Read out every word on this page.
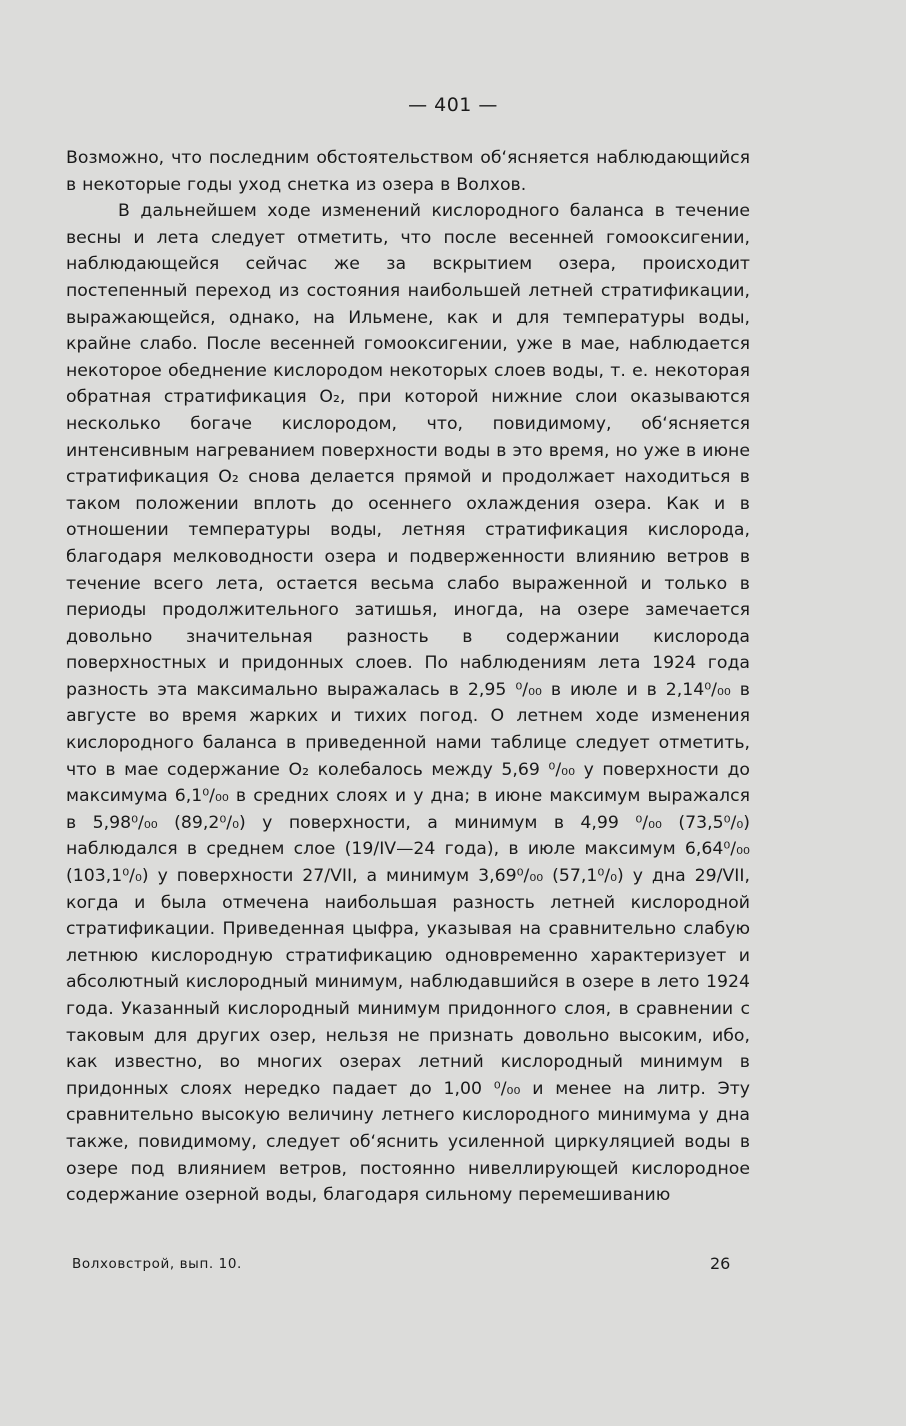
— 401 —

Возможно, что последним обстоятельством об‘ясняется наблюдающийся в некоторые годы уход снетка из озера в Волхов.

В дальнейшем ходе изменений кислородного баланса в течение весны и лета следует отметить, что после весенней гомооксигении, наблюдающейся сейчас же за вскрытием озера, происходит постепенный переход из состояния наибольшей летней стратификации, выражающейся, однако, на Ильмене, как и для температуры воды, крайне слабо. После весенней гомооксигении, уже в мае, наблюдается некоторое обеднение кислородом некоторых слоев воды, т. е. некоторая обратная стратификация O₂, при которой нижние слои оказываются несколько богаче кислородом, что, повидимому, об‘ясняется интенсивным нагреванием поверхности воды в это время, но уже в июне стратификация O₂ снова делается прямой и продолжает находиться в таком положении вплоть до осеннего охлаждения озера. Как и в отношении температуры воды, летняя стратификация кислорода, благодаря мелководности озера и подверженности влиянию ветров в течение всего лета, остается весьма слабо выраженной и только в периоды продолжительного затишья, иногда, на озере замечается довольно значительная разность в содержании кислорода поверхностных и придонных слоев. По наблюдениям лета 1924 года разность эта максимально выражалась в 2,95 ⁰/₀₀ в июле и в 2,14⁰/₀₀ в августе во время жарких и тихих погод. О летнем ходе изменения кислородного баланса в приведенной нами таблице следует отметить, что в мае содержание O₂ колебалось между 5,69 ⁰/₀₀ у поверхности до максимума 6,1⁰/₀₀ в средних слоях и у дна; в июне максимум выражался в 5,98⁰/₀₀ (89,2⁰/₀) у поверхности, а минимум в 4,99 ⁰/₀₀ (73,5⁰/₀) наблюдался в среднем слое (19/IV—24 года), в июле максимум 6,64⁰/₀₀ (103,1⁰/₀) у поверхности 27/VII, а минимум 3,69⁰/₀₀ (57,1⁰/₀) у дна 29/VII, когда и была отмечена наибольшая разность летней кислородной стратификации. Приведенная цыфра, указывая на сравнительно слабую летнюю кислородную стратификацию одновременно характеризует и абсолютный кислородный минимум, наблюдавшийся в озере в лето 1924 года. Указанный кислородный минимум придонного слоя, в сравнении с таковым для других озер, нельзя не признать довольно высоким, ибо, как известно, во многих озерах летний кислородный минимум в придонных слоях нередко падает до 1,00 ⁰/₀₀ и менее на литр. Эту сравнительно высокую величину летнего кислородного минимума у дна также, повидимому, следует об‘яснить усиленной циркуляцией воды в озере под влиянием ветров, постоянно нивеллирующей кислородное содержание озерной воды, благодаря сильному перемешиванию

Волховстрой, вып. 10.	26
